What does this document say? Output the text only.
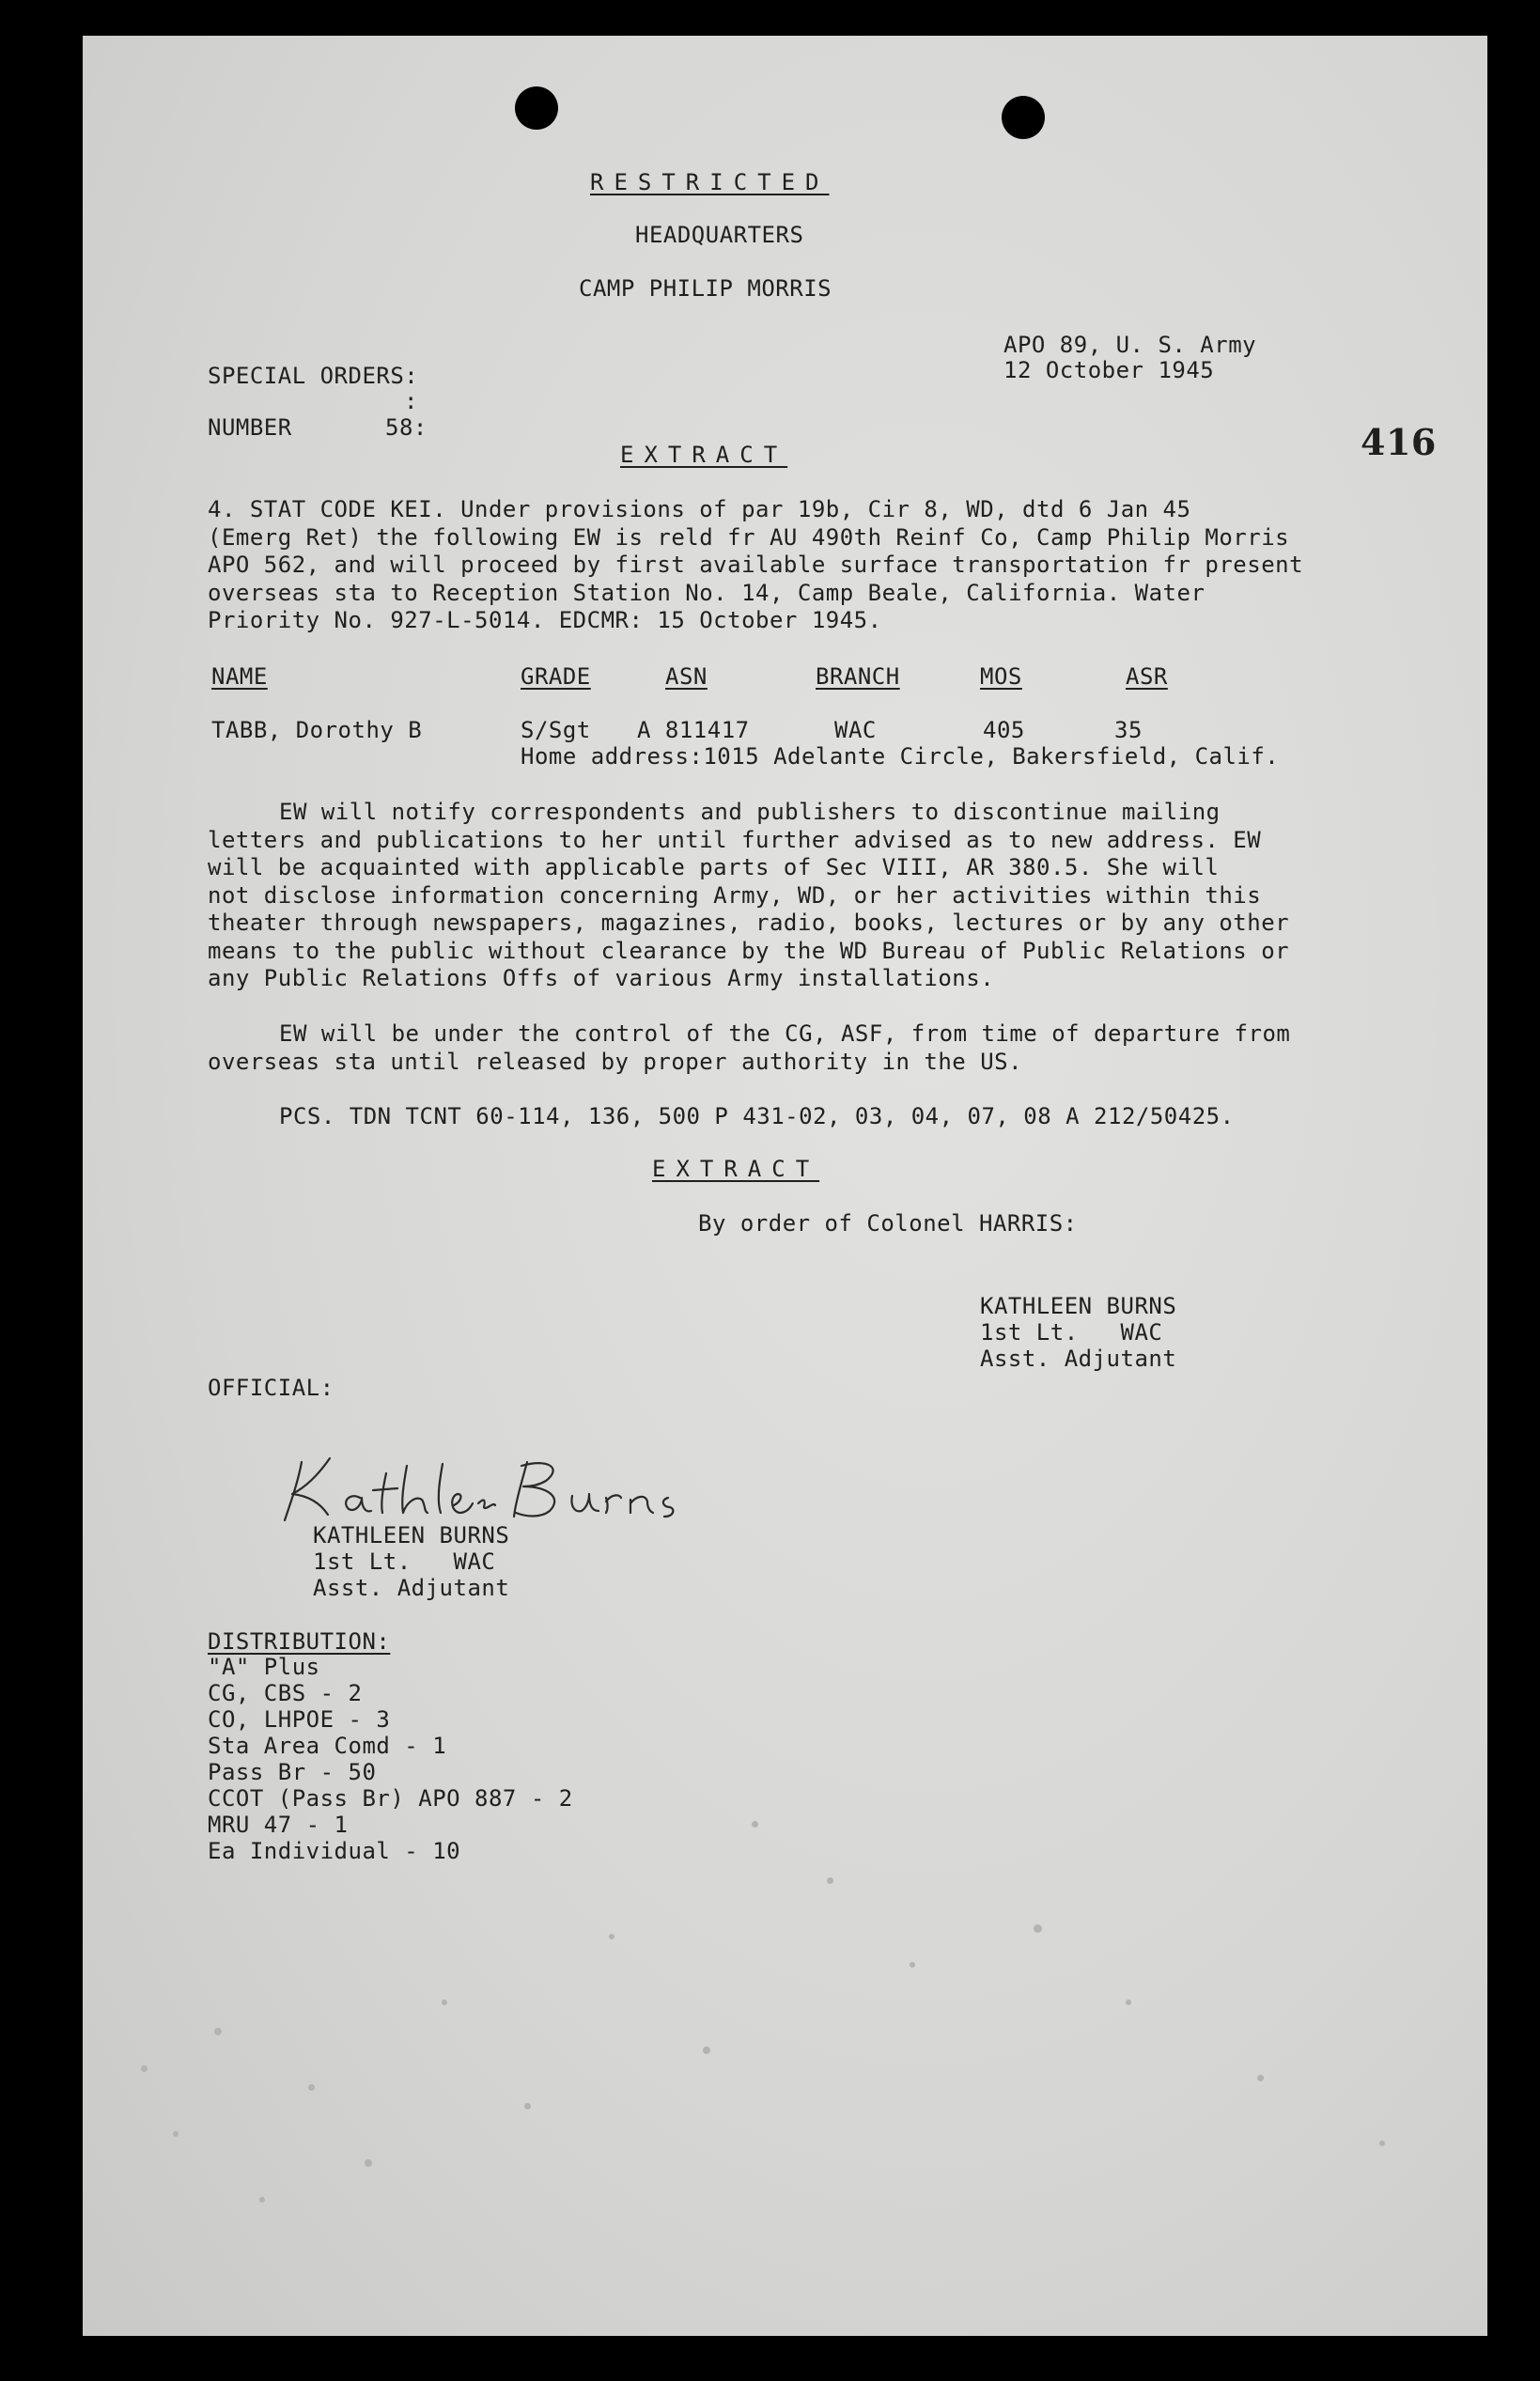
RESTRICTED
HEADQUARTERS
CAMP PHILIP MORRIS
APO 89, U. S. Army
12 October 1945
SPECIAL ORDERS:
:
NUMBER	58:
EXTRACT	416
4. STAT CODE KEI. Under provisions of par 19b, Cir 8, WD, dtd 6 Jan 45
(Emerg Ret) the following EW is reld fr AU 490th Reinf Co, Camp Philip Morris
APO 562, and will proceed by first available surface transportation fr present
overseas sta to Reception Station No. 14, Camp Beale, California. Water
Priority No. 927-L-5014. EDCMR: 15 October 1945.
NAME	GRADE	ASN	BRANCH	MOS	ASR
TABB, Dorothy B	S/Sgt A 811417	WAC	405	35
Home address:1015 Adelante Circle, Bakersfield, Calif.
EW will notify correspondents and publishers to discontinue mailing
letters and publications to her until further advised as to new address. EW
will be acquainted with applicable parts of Sec VIII, AR 380.5. She will
not disclose information concerning Army, WD, or her activities within this
theater through newspapers, magazines, radio, books, lectures or by any other
means to the public without clearance by the WD Bureau of Public Relations or
any Public Relations Offs of various Army installations.
EW will be under the control of the CG, ASF, from time of departure from
overseas sta until released by proper authority in the US.
PCS. TDN TCNT 60-114, 136, 500 P 431-02, 03, 04, 07, 08 A 212/50425.
EXTRACT
By order of Colonel HARRIS:
KATHLEEN BURNS
1st Lt.   WAC
Asst. Adjutant
OFFICIAL:
KATHLEEN BURNS
1st Lt.   WAC
Asst. Adjutant
DISTRIBUTION:
"A" Plus
CG, CBS - 2
CO, LHPOE - 3
Sta Area Comd - 1
Pass Br - 50
CCOT (Pass Br) APO 887 - 2
MRU 47 - 1
Ea Individual - 10
